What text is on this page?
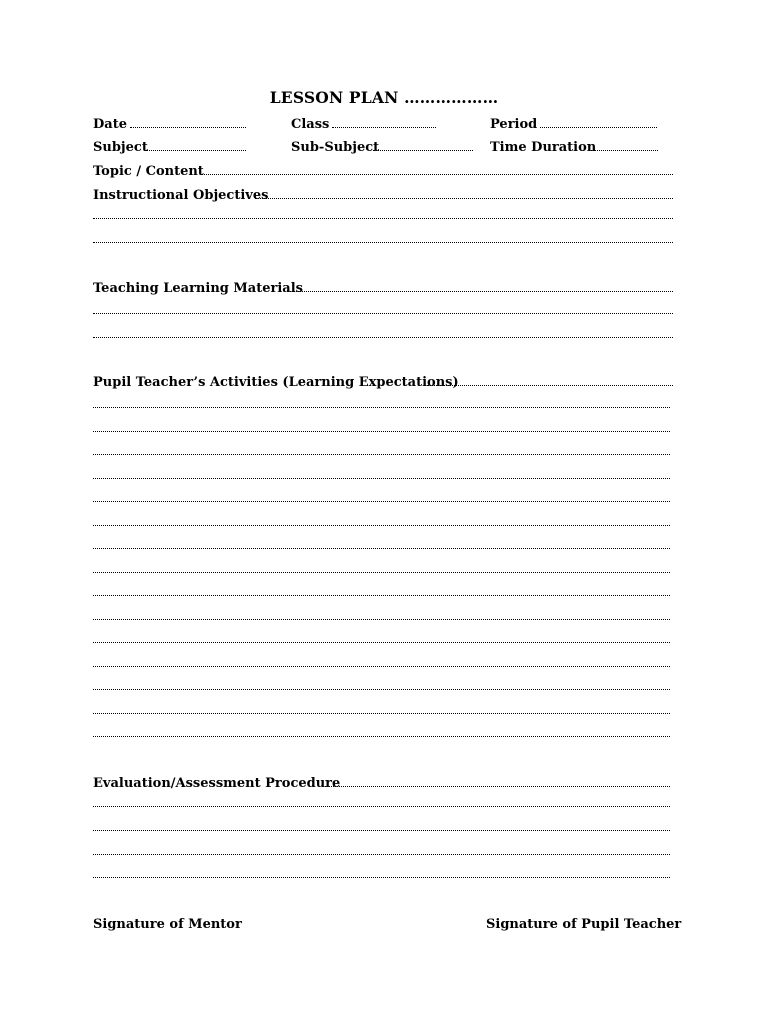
LESSON PLAN ………………
Date	Class	Period
Subject	Sub-Subject	Time Duration
Topic / Content
Instructional Objectives
Teaching Learning Materials
Pupil Teacher’s Activities (Learning Expectations)
Evaluation/Assessment Procedure
Signature of Mentor	Signature of Pupil Teacher
